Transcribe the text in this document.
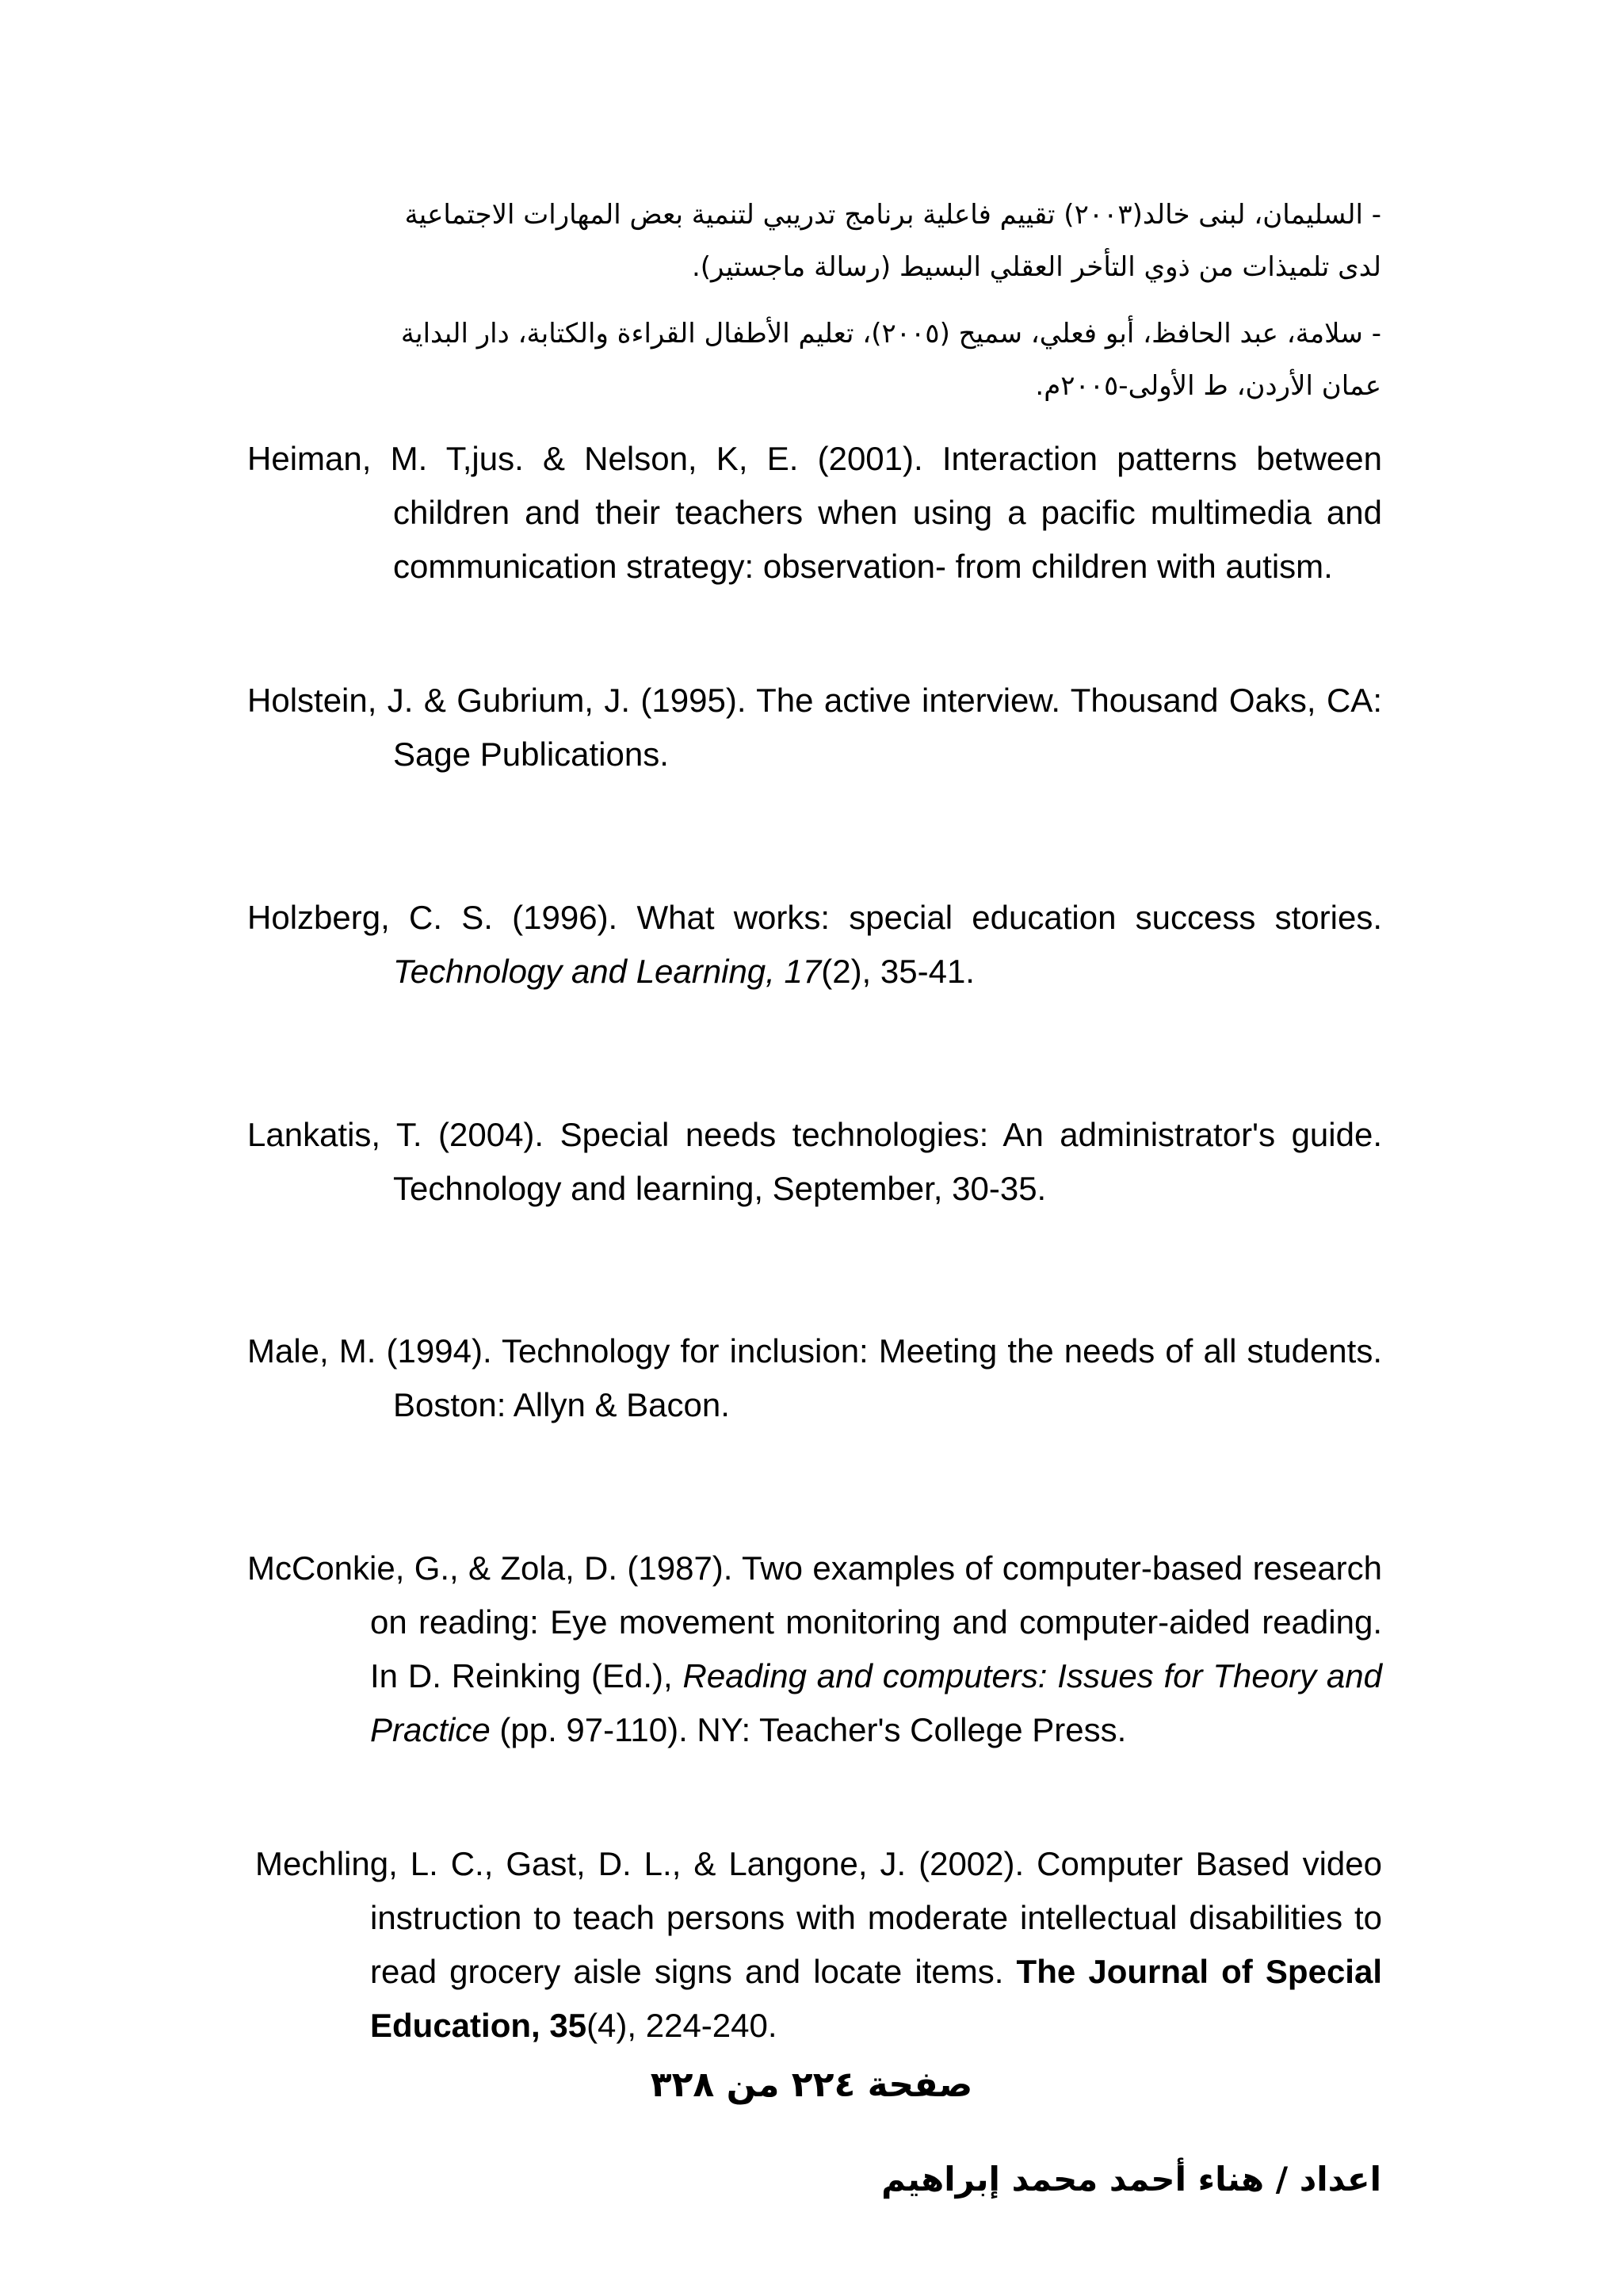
- السليمان، لبنى خالد(٢٠٠٣) تقييم فاعلية برنامج تدريبي لتنمية بعض المهارات الاجتماعية
لدى تلميذات من ذوي التأخر العقلي البسيط (رسالة ماجستير).
- سلامة، عبد الحافظ، أبو فعلي، سميح (٢٠٠٥)، تعليم الأطفال القراءة والكتابة، دار البداية
عمان الأردن، ط الأولى-٢٠٠٥م.
Heiman, M. T,jus. & Nelson, K, E. (2001). Interaction patterns between children and their teachers when using a pacific multimedia and communication strategy: observation- from children with autism.
Holstein, J. & Gubrium, J. (1995). The active interview. Thousand Oaks, CA: Sage Publications.
Holzberg, C. S. (1996). What works: special education success stories. Technology and Learning, 17(2), 35-41.
Lankatis, T. (2004). Special needs technologies: An administrator's guide. Technology and learning, September, 30-35.
Male, M. (1994). Technology for inclusion: Meeting the needs of all students. Boston: Allyn & Bacon.
McConkie, G., & Zola, D. (1987). Two examples of computer-based research on reading: Eye movement monitoring and computer-aided reading. In D. Reinking (Ed.), Reading and computers: Issues for Theory and Practice (pp. 97-110). NY: Teacher's College Press.
Mechling, L. C., Gast, D. L., & Langone, J. (2002). Computer Based video instruction to teach persons with moderate intellectual disabilities to read grocery aisle signs and locate items. The Journal of Special Education, 35(4), 224-240.
صفحة ٢٢٤ من ٣٢٨
اعداد / هناء أحمد محمد إبراهيم
